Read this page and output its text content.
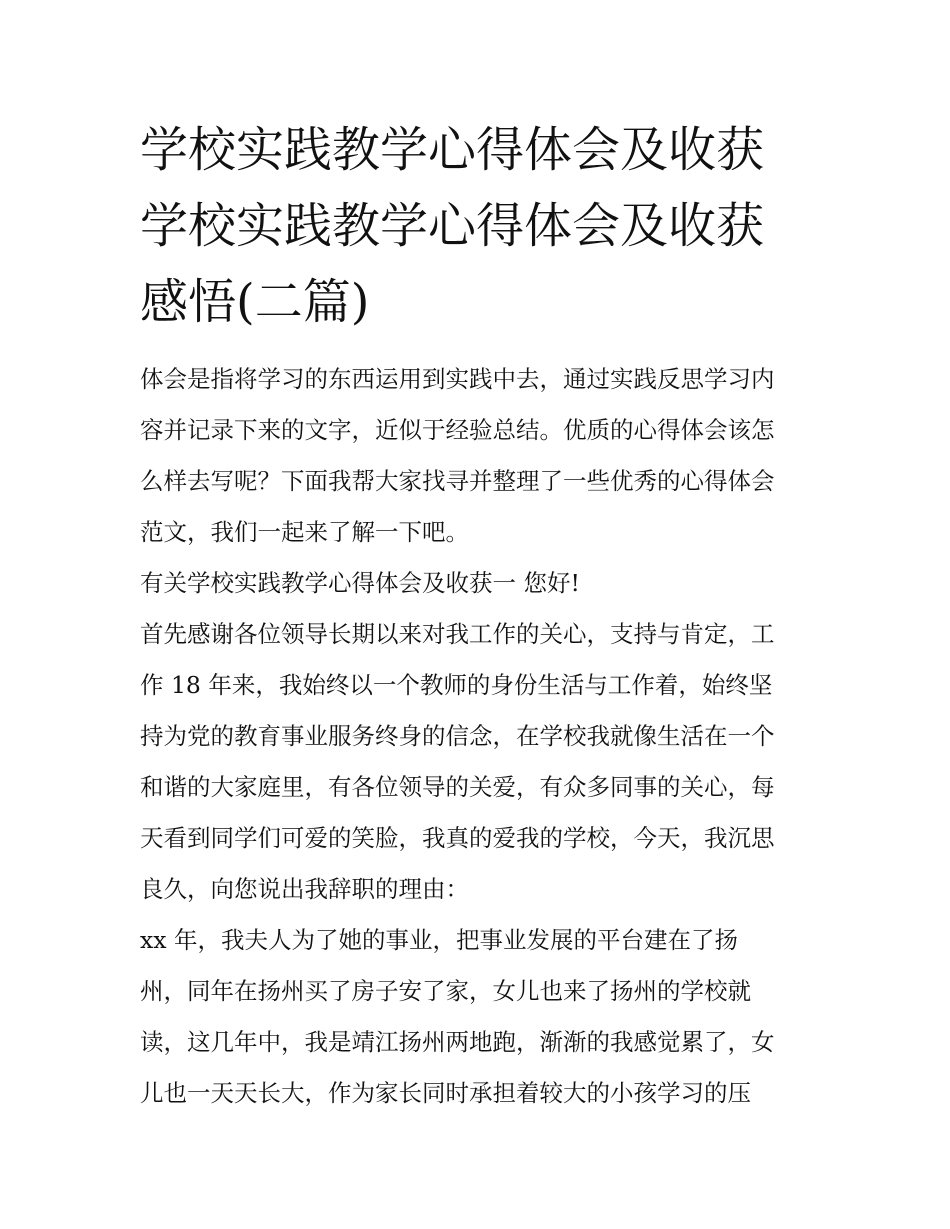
学校实践教学心得体会及收获
学校实践教学心得体会及收获
感悟(二篇)
体会是指将学习的东西运用到实践中去，通过实践反思学习内
容并记录下来的文字，近似于经验总结。优质的心得体会该怎
么样去写呢？下面我帮大家找寻并整理了一些优秀的心得体会
范文，我们一起来了解一下吧。
有关学校实践教学心得体会及收获一 您好!
首先感谢各位领导长期以来对我工作的关心，支持与肯定，工
作 18 年来，我始终以一个教师的身份生活与工作着，始终坚
持为党的教育事业服务终身的信念，在学校我就像生活在一个
和谐的大家庭里，有各位领导的关爱，有众多同事的关心，每
天看到同学们可爱的笑脸，我真的爱我的学校，今天，我沉思
良久，向您说出我辞职的理由：
xx 年，我夫人为了她的事业，把事业发展的平台建在了扬
州，同年在扬州买了房子安了家，女儿也来了扬州的学校就
读，这几年中，我是靖江扬州两地跑，渐渐的我感觉累了，女
儿也一天天长大，作为家长同时承担着较大的小孩学习的压
